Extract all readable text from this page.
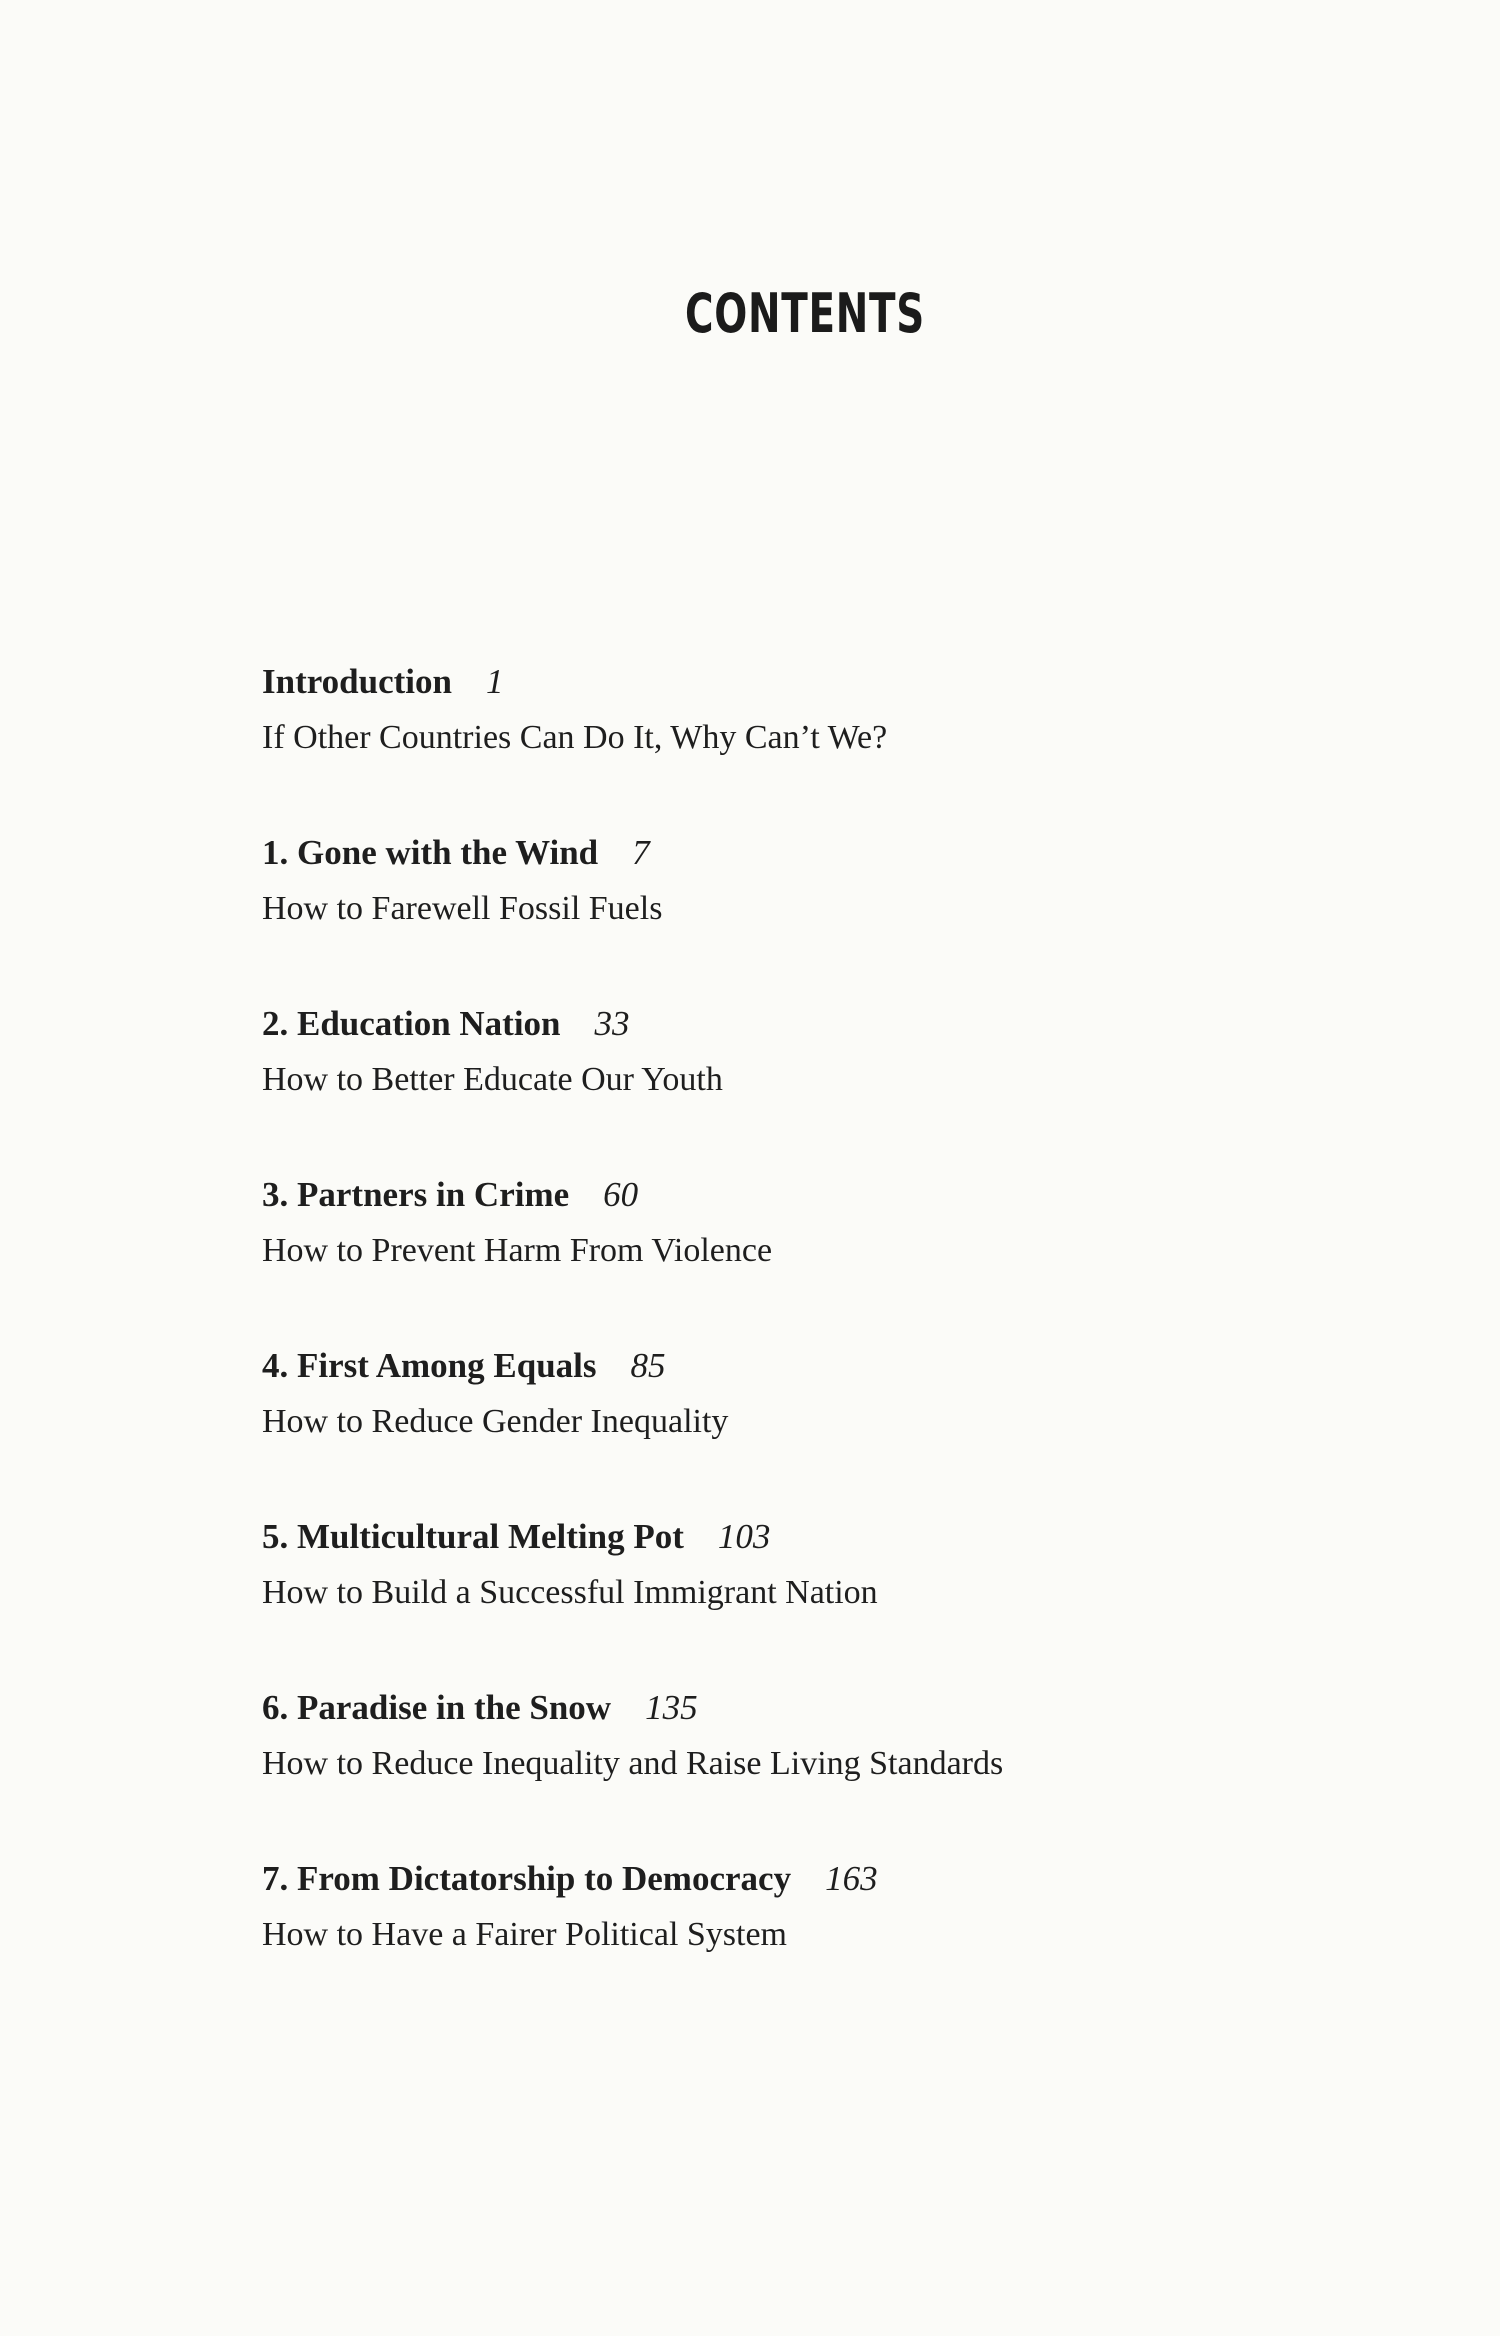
CONTENTS
Introduction 1
If Other Countries Can Do It, Why Can’t We?
1. Gone with the Wind 7
How to Farewell Fossil Fuels
2. Education Nation 33
How to Better Educate Our Youth
3. Partners in Crime 60
How to Prevent Harm From Violence
4. First Among Equals 85
How to Reduce Gender Inequality
5. Multicultural Melting Pot 103
How to Build a Successful Immigrant Nation
6. Paradise in the Snow 135
How to Reduce Inequality and Raise Living Standards
7. From Dictatorship to Democracy 163
How to Have a Fairer Political System
